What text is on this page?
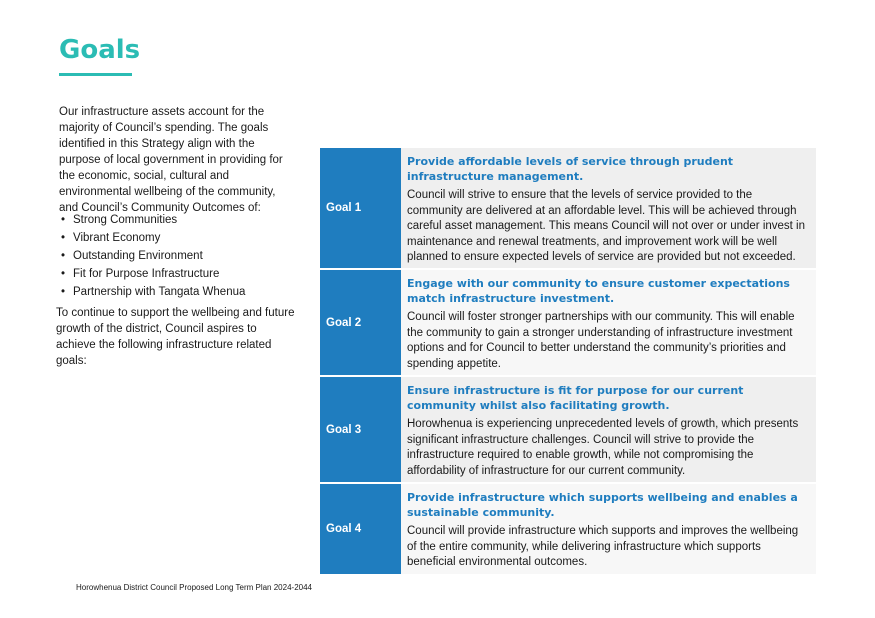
Goals

Our infrastructure assets account for the majority of Council’s spending. The goals identified in this Strategy align with the purpose of local government in providing for the economic, social, cultural and environmental wellbeing of the community, and Council’s Community Outcomes of:

• Strong Communities
• Vibrant Economy
• Outstanding Environment
• Fit for Purpose Infrastructure
• Partnership with Tangata Whenua

To continue to support the wellbeing and future growth of the district, Council aspires to achieve the following infrastructure related goals:

Goal 1

Provide affordable levels of service through prudent infrastructure management.

Council will strive to ensure that the levels of service provided to the community are delivered at an affordable level. This will be achieved through careful asset management. This means Council will not over or under invest in maintenance and renewal treatments, and improvement work will be well planned to ensure expected levels of service are provided but not exceeded.

Goal 2

Engage with our community to ensure customer expectations match infrastructure investment.

Council will foster stronger partnerships with our community. This will enable the community to gain a stronger understanding of infrastructure investment options and for Council to better understand the community’s priorities and spending appetite.

Goal 3

Ensure infrastructure is fit for purpose for our current community whilst also facilitating growth.

Horowhenua is experiencing unprecedented levels of growth, which presents significant infrastructure challenges. Council will strive to provide the infrastructure required to enable growth, while not compromising the affordability of infrastructure for our current community.

Goal 4

Provide infrastructure which supports wellbeing and enables a sustainable community.

Council will provide infrastructure which supports and improves the wellbeing of the entire community, while delivering infrastructure which supports beneficial environmental outcomes.

Horowhenua District Council Proposed Long Term Plan 2024-2044
